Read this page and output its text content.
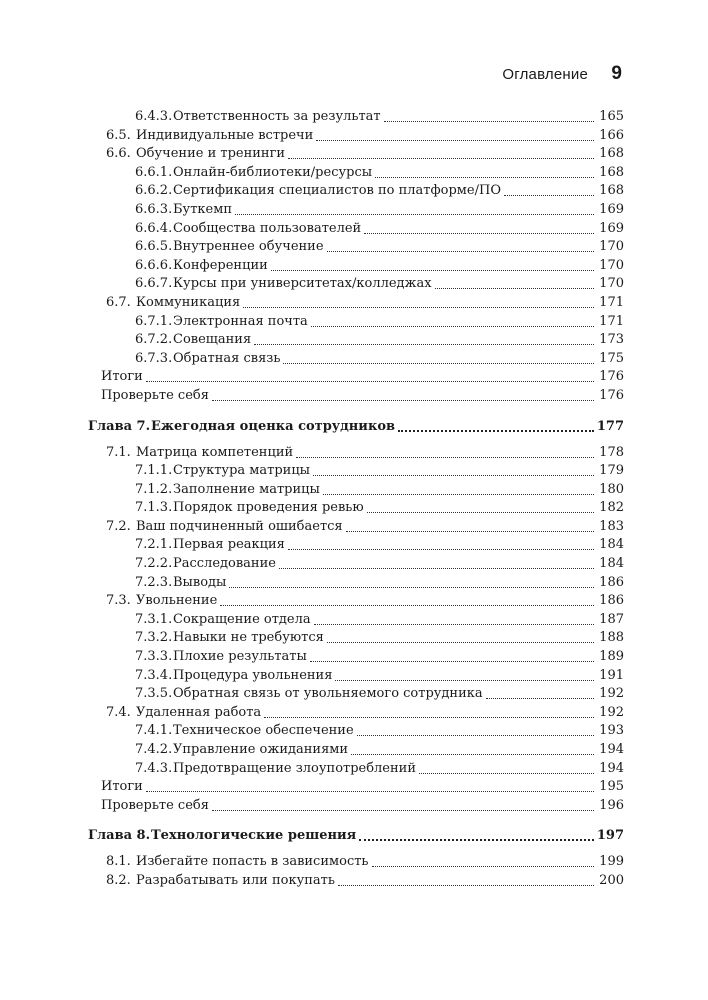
Оглавление 9
6.4.3. Ответственность за результат	165
6.5. Индивидуальные встречи	166
6.6. Обучение и тренинги	168
6.6.1. Онлайн-библиотеки/ресурсы	168
6.6.2. Сертификация специалистов по платформе/ПО	168
6.6.3. Буткемп	169
6.6.4. Сообщества пользователей	169
6.6.5. Внутреннее обучение	170
6.6.6. Конференции	170
6.6.7. Курсы при университетах/колледжах	170
6.7. Коммуникация	171
6.7.1. Электронная почта	171
6.7.2. Совещания	173
6.7.3. Обратная связь	175
Итоги	176
Проверьте себя	176
Глава 7. Ежегодная оценка сотрудников	177
7.1. Матрица компетенций	178
7.1.1. Структура матрицы	179
7.1.2. Заполнение матрицы	180
7.1.3. Порядок проведения ревью	182
7.2. Ваш подчиненный ошибается	183
7.2.1. Первая реакция	184
7.2.2. Расследование	184
7.2.3. Выводы	186
7.3. Увольнение	186
7.3.1. Сокращение отдела	187
7.3.2. Навыки не требуются	188
7.3.3. Плохие результаты	189
7.3.4. Процедура увольнения	191
7.3.5. Обратная связь от увольняемого сотрудника	192
7.4. Удаленная работа	192
7.4.1. Техническое обеспечение	193
7.4.2. Управление ожиданиями	194
7.4.3. Предотвращение злоупотреблений	194
Итоги	195
Проверьте себя	196
Глава 8. Технологические решения	197
8.1. Избегайте попасть в зависимость	199
8.2. Разрабатывать или покупать	200
